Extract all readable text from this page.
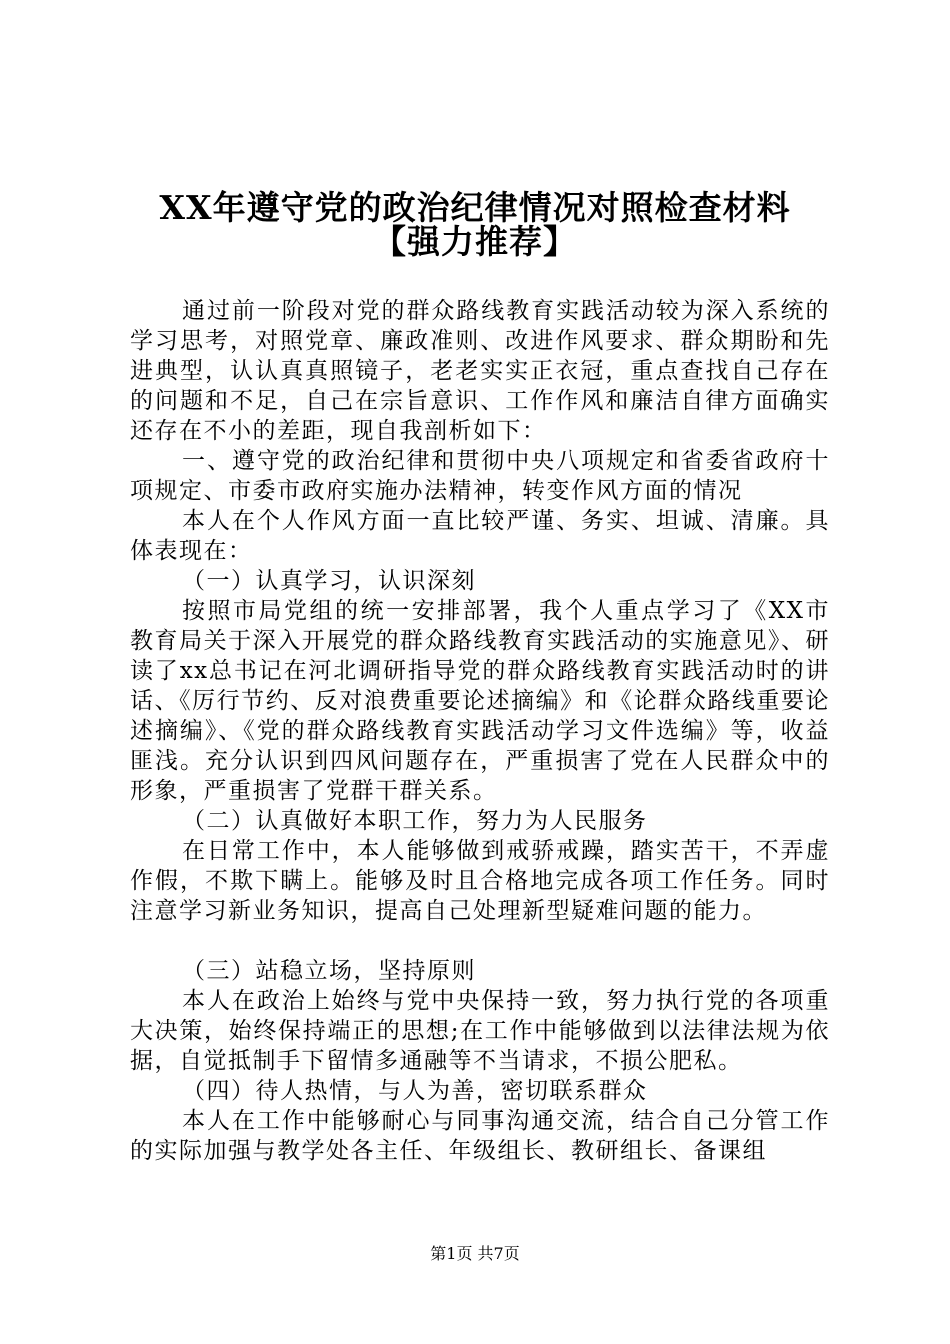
XX年遵守党的政治纪律情况对照检查材料
【强力推荐】

通过前一阶段对党的群众路线教育实践活动较为深入系统的学习思考，对照党章、廉政准则、改进作风要求、群众期盼和先进典型，认认真真照镜子，老老实实正衣冠，重点查找自己存在的问题和不足，自己在宗旨意识、工作作风和廉洁自律方面确实还存在不小的差距，现自我剖析如下：

一、遵守党的政治纪律和贯彻中央八项规定和省委省政府十项规定、市委市政府实施办法精神，转变作风方面的情况

本人在个人作风方面一直比较严谨、务实、坦诚、清廉。具体表现在：

（一）认真学习，认识深刻

按照市局党组的统一安排部署，我个人重点学习了《XX市教育局关于深入开展党的群众路线教育实践活动的实施意见》、研读了xx总书记在河北调研指导党的群众路线教育实践活动时的讲话、《厉行节约、反对浪费重要论述摘编》和《论群众路线重要论述摘编》、《党的群众路线教育实践活动学习文件选编》等，收益匪浅。充分认识到四风问题存在，严重损害了党在人民群众中的形象，严重损害了党群干群关系。

（二）认真做好本职工作，努力为人民服务

在日常工作中，本人能够做到戒骄戒躁，踏实苦干，不弄虚作假，不欺下瞒上。能够及时且合格地完成各项工作任务。同时注意学习新业务知识，提高自己处理新型疑难问题的能力。

（三）站稳立场，坚持原则

本人在政治上始终与党中央保持一致，努力执行党的各项重大决策，始终保持端正的思想;在工作中能够做到以法律法规为依据，自觉抵制手下留情多通融等不当请求，不损公肥私。

（四）待人热情，与人为善，密切联系群众

本人在工作中能够耐心与同事沟通交流，结合自己分管工作的实际加强与教学处各主任、年级组长、教研组长、备课组

第1页 共7页
